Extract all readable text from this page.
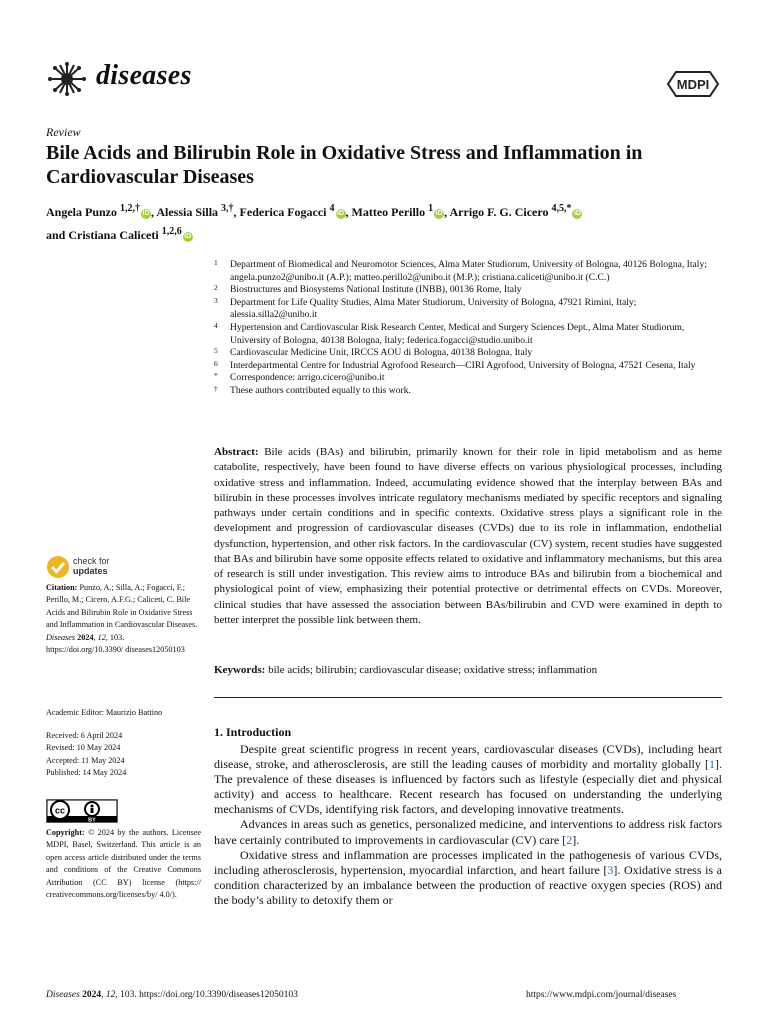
diseases	MDPI
Review
Bile Acids and Bilirubin Role in Oxidative Stress and Inflammation in Cardiovascular Diseases
Angela Punzo $^{1,2,\dagger}$ iD , Alessia Silla $^{3,\dagger}$, Federica Fogacci $^4$ iD , Matteo Perillo $^1$ iD , Arrigo F. G. Cicero $^{4,5,*}$ iD
and Cristiana Caliceti $^{1,2,6}$ iD
1 Department of Biomedical and Neuromotor Sciences, Alma Mater Studiorum, University of Bologna, 40126 Bologna, Italy; angela.punzo2@unibo.it (A.P.); matteo.perillo2@unibo.it (M.P.); cristiana.caliceti@unibo.it (C.C.)
2 Biostructures and Biosystems National Institute (INBB), 00136 Rome, Italy
3 Department for Life Quality Studies, Alma Mater Studiorum, University of Bologna, 47921 Rimini, Italy; alessia.silla2@unibo.it
4 Hypertension and Cardiovascular Risk Research Center, Medical and Surgery Sciences Dept., Alma Mater Studiorum, University of Bologna, 40138 Bologna, Italy; federica.fogacci@studio.unibo.it
5 Cardiovascular Medicine Unit, IRCCS AOU di Bologna, 40138 Bologna, Italy
6 Interdepartmental Centre for Industrial Agrofood Research—CIRI Agrofood, University of Bologna, 47521 Cesena, Italy
* Correspondence: arrigo.cicero@unibo.it
† These authors contributed equally to this work.
Abstract: Bile acids (BAs) and bilirubin, primarily known for their role in lipid metabolism and as heme catabolite, respectively, have been found to have diverse effects on various physiological processes, including oxidative stress and inflammation. Indeed, accumulating evidence showed that the interplay between BAs and bilirubin in these processes involves intricate regulatory mechanisms mediated by specific receptors and signaling pathways under certain conditions and in specific contexts. Oxidative stress plays a significant role in the development and progression of cardiovascular diseases (CVDs) due to its role in inflammation, endothelial dysfunction, hypertension, and other risk factors. In the cardiovascular (CV) system, recent studies have suggested that BAs and bilirubin have some opposite effects related to oxidative and inflammatory mechanisms, but this area of research is still under investigation. This review aims to introduce BAs and bilirubin from a biochemical and physiological point of view, emphasizing their potential protective or detrimental effects on CVDs. Moreover, clinical studies that have assessed the association between BAs/bilirubin and CVD were examined in depth to better interpret the possible link between them.
Keywords: bile acids; bilirubin; cardiovascular disease; oxidative stress; inflammation
check for
updates
Citation: Punzo, A.; Silla, A.; Fogacci, F.; Perillo, M.; Cicero, A.F.G.; Caliceti, C. Bile Acids and Bilirubin Role in Oxidative Stress and Inflammation in Cardiovascular Diseases. Diseases 2024, 12, 103. https://doi.org/10.3390/ diseases12050103
Academic Editor: Maurizio Battino
Received: 6 April 2024
Revised: 10 May 2024
Accepted: 11 May 2024
Published: 14 May 2024
cc
BY
Copyright: © 2024 by the authors. Licensee MDPI, Basel, Switzerland. This article is an open access article distributed under the terms and conditions of the Creative Commons Attribution (CC BY) license (https:// creativecommons.org/licenses/by/ 4.0/).
1. Introduction

Despite great scientific progress in recent years, cardiovascular diseases (CVDs), including heart disease, stroke, and atherosclerosis, are still the leading causes of morbidity and mortality globally [1]. The prevalence of these diseases is influenced by factors such as lifestyle (especially diet and physical activity) and access to healthcare. Recent research has focused on understanding the underlying mechanisms of CVDs, identifying risk factors, and developing innovative treatments.

Advances in areas such as genetics, personalized medicine, and interventions to address risk factors have certainly contributed to improvements in cardiovascular (CV) care [2].

Oxidative stress and inflammation are processes implicated in the pathogenesis of various CVDs, including atherosclerosis, hypertension, myocardial infarction, and heart failure [3]. Oxidative stress is a condition characterized by an imbalance between the production of reactive oxygen species (ROS) and the body’s ability to detoxify them or

Diseases 2024, 12, 103. https://doi.org/10.3390/diseases12050103	https://www.mdpi.com/journal/diseases
